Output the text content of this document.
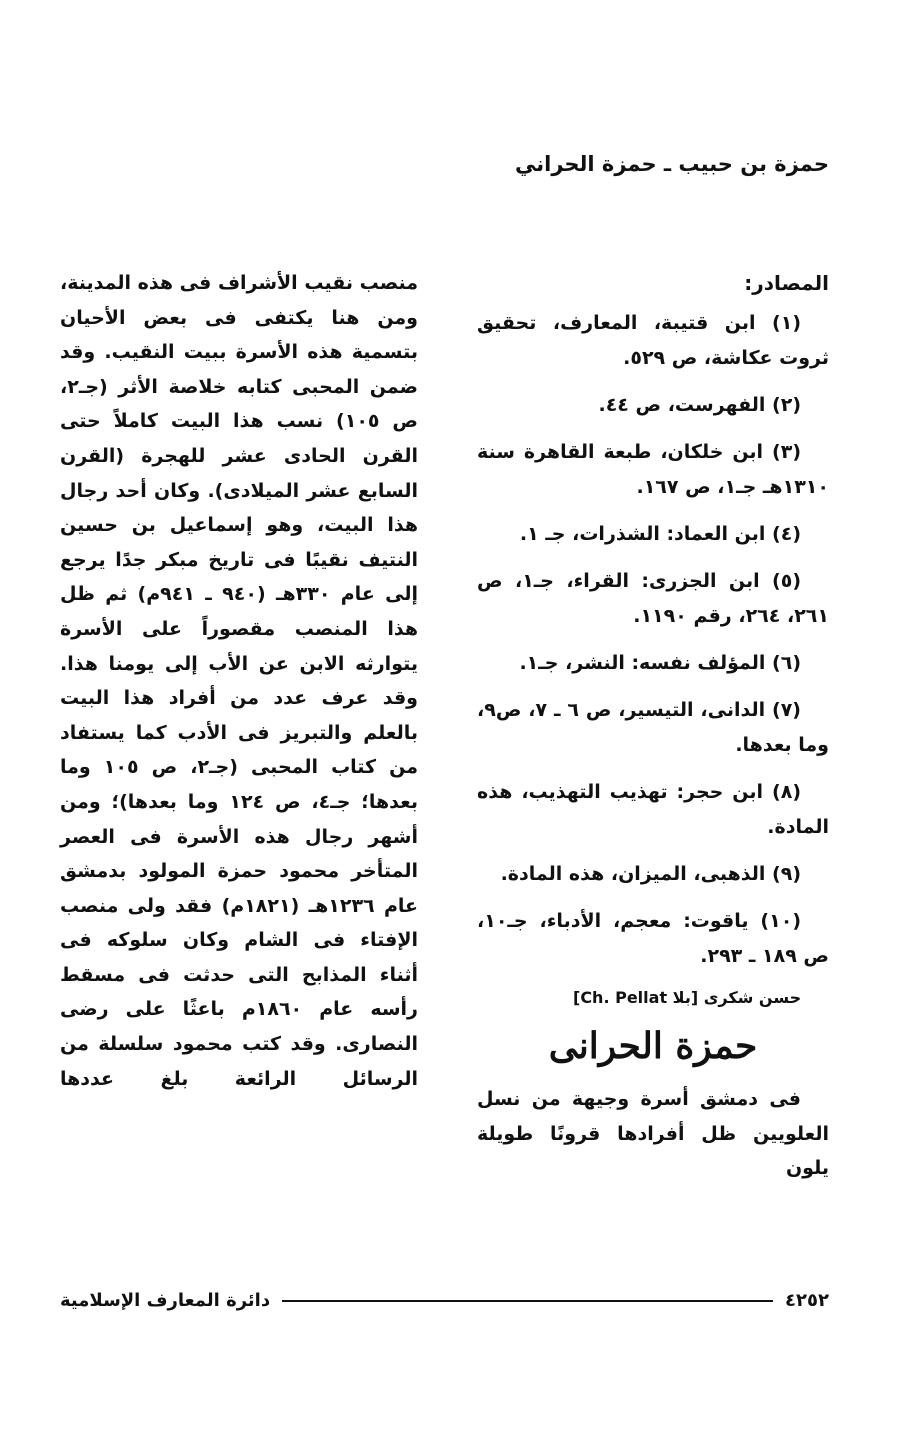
حمزة بن حبيب ـ حمزة الحراني

المصادر:

(١) ابن قتيبة، المعارف، تحقيق ثروت عكاشة، ص ٥٢٩.

(٢) الفهرست، ص ٤٤.

(٣) ابن خلكان، طبعة القاهرة سنة ١٣١٠هـ جـ١، ص ١٦٧.

(٤) ابن العماد: الشذرات، جـ ١.

(٥) ابن الجزرى: القراء، جـ١، ص ٢٦١، ٢٦٤، رقم ١١٩٠.

(٦) المؤلف نفسه: النشر، جـ١.

(٧) الدانى، التيسير، ص ٦ ـ ٧، ص٩، وما بعدها.

(٨) ابن حجر: تهذيب التهذيب، هذه المادة.

(٩) الذهبى، الميزان، هذه المادة.

(١٠) ياقوت: معجم، الأدباء، جـ١٠، ص ١٨٩ ـ ٢٩٣.

حسن شكرى [بلا Ch. Pellat]

حمزة الحرانى

فى دمشق أسرة وجيهة من نسل العلويين ظل أفرادها قرونًا طويلة يلون

منصب نقيب الأشراف فى هذه المدينة، ومن هنا يكتفى فى بعض الأحيان بتسمية هذه الأسرة ببيت النقيب. وقد ضمن المحبى كتابه خلاصة الأثر (جـ٢، ص ١٠٥) نسب هذا البيت كاملاً حتى القرن الحادى عشر للهجرة (القرن السابع عشر الميلادى). وكان أحد رجال هذا البيت، وهو إسماعيل بن حسين النتيف نقيبًا فى تاريخ مبكر جدًا يرجع إلى عام ٣٣٠هـ (٩٤٠ ـ ٩٤١م) ثم ظل هذا المنصب مقصوراً على الأسرة يتوارثه الابن عن الأب إلى يومنا هذا. وقد عرف عدد من أفراد هذا البيت بالعلم والتبريز فى الأدب كما يستفاد من كتاب المحبى (جـ٢، ص ١٠٥ وما بعدها؛ جـ٤، ص ١٢٤ وما بعدها)؛ ومن أشهر رجال هذه الأسرة فى العصر المتأخر محمود حمزة المولود بدمشق عام ١٢٣٦هـ (١٨٢١م) فقد ولى منصب الإفتاء فى الشام وكان سلوكه فى أثناء المذابح التى حدثت فى مسقط رأسه عام ١٨٦٠م باعثًا على رضى النصارى. وقد كتب محمود سلسلة من الرسائل الرائعة بلغ عددها

٤٢٥٢
دائرة المعارف الإسلامية
